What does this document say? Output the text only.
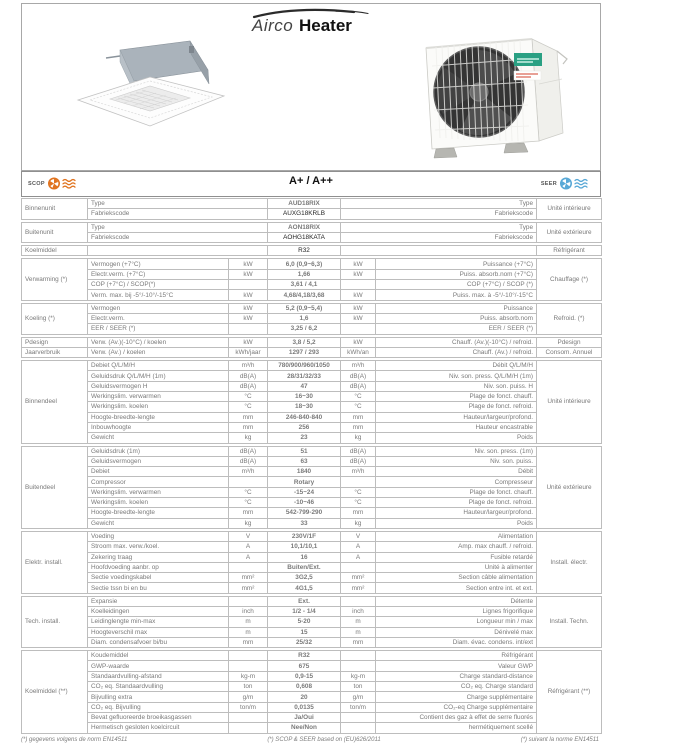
Airco Heater
SCOP	A+ / A++	SEER
Binnenunit	Type	AUD18RIX	Type	Unité intérieure
	Fabriekscode	AUXG18KRLB	Fabriekscode	
Buitenunit	Type	AON18RIX	Type	Unité extérieure
	Fabriekscode	AOHG18KATA	Fabriekscode	
Koelmiddel		R32		Réfrigérant
Verwarming (*)	Vermogen (+7°C)	kW	6,0 (0,9~6,3)	kW	Puissance (+7°C)	Chauffage (*)
	Electr.verm. (+7°C)	kW	1,66	kW	Puiss. absorb.nom (+7°C)	
	COP (+7°C) / SCOP(*)		3,61 / 4,1		COP (+7°C) / SCOP (*)	
	Verm. max. bij -5°/-10°/-15°C	kW	4,68/4,18/3,68	kW	Puiss. max. à -5°/-10°/-15°C	
Koeling (*)	Vermogen	kW	5,2 (0,9~5,4)	kW	Puissance	Refroid. (*)
	Electr.verm.	kW	1,6	kW	Puiss. absorb.nom	
	EER / SEER (*)		3,25 / 6,2		EER / SEER (*)	
Pdesign	Verw. (Av.)(-10°C) / koelen	kW	3,8 / 5,2	kW	Chauff. (Av.)(-10°C) / refroid.	Pdesign
Jaarverbruik	Verw. (Av.) / koelen	kWh/jaar	1297 / 293	kWh/an	Chauff. (Av.) / refroid.	Consom. Annuel
Binnendeel	Debiet Q/L/M/H	m³/h	780/900/960/1050	m³/h	Débit Q/L/M/H	Unité intérieure
	Geluidsdruk Q/L/M/H (1m)	dB(A)	28/31/32/33	dB(A)	Niv. son. press. Q/L/M/H (1m)	
	Geluidsvermogen H	dB(A)	47	dB(A)	Niv. son. puiss. H	
	Werkingslim. verwarmen	°C	16~30	°C	Plage de fonct. chauff.	
	Werkingslim. koelen	°C	18~30	°C	Plage de fonct. refroid.	
	Hoogte-breedte-lengte	mm	246-840-840	mm	Hauteur/largeur/profond.	
	Inbouwhoogte	mm	256	mm	Hauteur encastrable	
	Gewicht	kg	23	kg	Poids	
Buitendeel	Geluidsdruk (1m)	dB(A)	51	dB(A)	Niv. son. press. (1m)	Unité extérieure
	Geluidsvermogen	dB(A)	63	dB(A)	Niv. son. puiss.	
	Debiet	m³/h	1840	m³/h	Débit	
	Compressor		Rotary		Compresseur	
	Werkingslim. verwarmen	°C	-15~24	°C	Plage de fonct. chauff.	
	Werkingslim. koelen	°C	-10~46	°C	Plage de fonct. refroid.	
	Hoogte-breedte-lengte	mm	542-799-290	mm	Hauteur/largeur/profond.	
	Gewicht	kg	33	kg	Poids	
Elektr. install.	Voeding	V	230V/1F	V	Alimentation	Install. électr.
	Stroom max. verw./koel.	A	10,1/10,1	A	Amp. max chauff. / refroid.	
	Zekering traag	A	16	A	Fusible retardé	
	Hoofdvoeding aanbr. op		Buiten/Ext.		Unité à alimenter	
	Sectie voedingskabel	mm²	3G2,5	mm²	Section câble alimentation	
	Sectie tssn bi en bu	mm²	4G1,5	mm²	Section entre int. et ext.	
Tech. install.	Expansie		Ext.		Détente	Install. Techn.
	Koelleidingen	inch	1/2 - 1/4	inch	Lignes frigorifique	
	Leidinglengte min-max	m	5-20	m	Longueur min / max	
	Hoogteverschil max	m	15	m	Dénivelé max	
	Diam. condensafvoer bi/bu	mm	25/32	mm	Diam. évac. condens. int/ext	
Koelmiddel (**)	Koudemiddel		R32		Réfrigérant	Réfrigérant (**)
	GWP-waarde		675		Valeur GWP	
	Standaardvulling-afstand	kg-m	0,9-15	kg-m	Charge standard-distance	
	CO₂ eq. Standaardvulling	ton	0,608	ton	CO₂ eq. Charge standard	
	Bijvulling extra	g/m	20	g/m	Charge supplémentaire	
	CO₂ eq. Bijvulling	ton/m	0,0135	ton/m	CO₂-eq Charge supplémentaire	
	Bevat gefluoreerde broeikasgassen		Ja/Oui		Contient des gaz à effet de serre fluorés	
	Hermetisch gesloten koelcircuit		Nee/Non		hermétiquement scellé	
(*) gegevens volgens de norm EN14511	(*) SCOP & SEER based on (EU)626/2011	(*) suivant la norme EN14511
